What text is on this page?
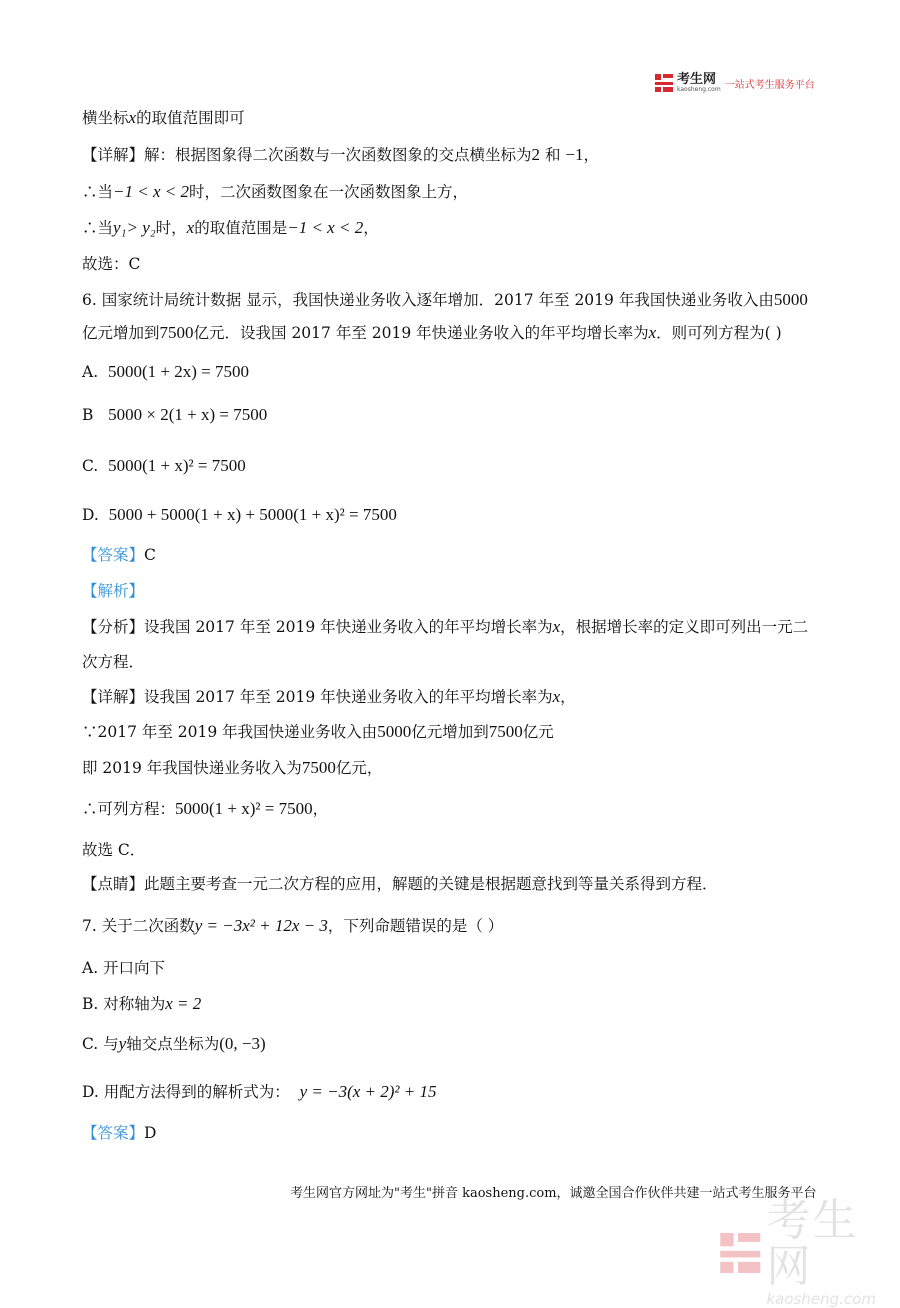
考生网
kaosheng.com 一站式考生服务平台
横坐标x的取值范围即可
【详解】解：根据图象得二次函数与一次函数图象的交点横坐标为2 和 −1，
∴当−1 < x < 2时，二次函数图象在一次函数图象上方，
∴当y₁> y₂时，x的取值范围是−1 < x < 2，
故选：C
6. 国家统计局统计数据 显示，我国快递业务收入逐年增加．2017 年至 2019 年我国快递业务收入由5000
亿元增加到7500亿元．设我国 2017 年至 2019 年快递业务收入的年平均增长率为x．则可列方程为( )
A. 5000(1 + 2x) = 7500
B 5000 × 2(1 + x) = 7500
C. 5000(1 + x)² = 7500
D. 5000 + 5000(1 + x) + 5000(1 + x)² = 7500
【答案】C
【解析】
【分析】设我国 2017 年至 2019 年快递业务收入的年平均增长率为x，根据增长率的定义即可列出一元二
次方程．
【详解】设我国 2017 年至 2019 年快递业务收入的年平均增长率为x，
∵2017 年至 2019 年我国快递业务收入由5000亿元增加到7500亿元
即 2019 年我国快递业务收入为7500亿元，
∴可列方程：5000(1 + x)² = 7500，
故选 C．
【点睛】此题主要考查一元二次方程的应用，解题的关键是根据题意找到等量关系得到方程．
7. 关于二次函数y = −3x² + 12x − 3，下列命题错误的是（ ）
A. 开口向下
B. 对称轴为x = 2
C. 与y轴交点坐标为(0, −3)
D. 用配方法得到的解析式为： y = −3(x + 2)² + 15
【答案】D
考生网官方网址为"考生"拼音 kaosheng.com，诚邀全国合作伙伴共建一站式考生服务平台
考生网
kaosheng.com
